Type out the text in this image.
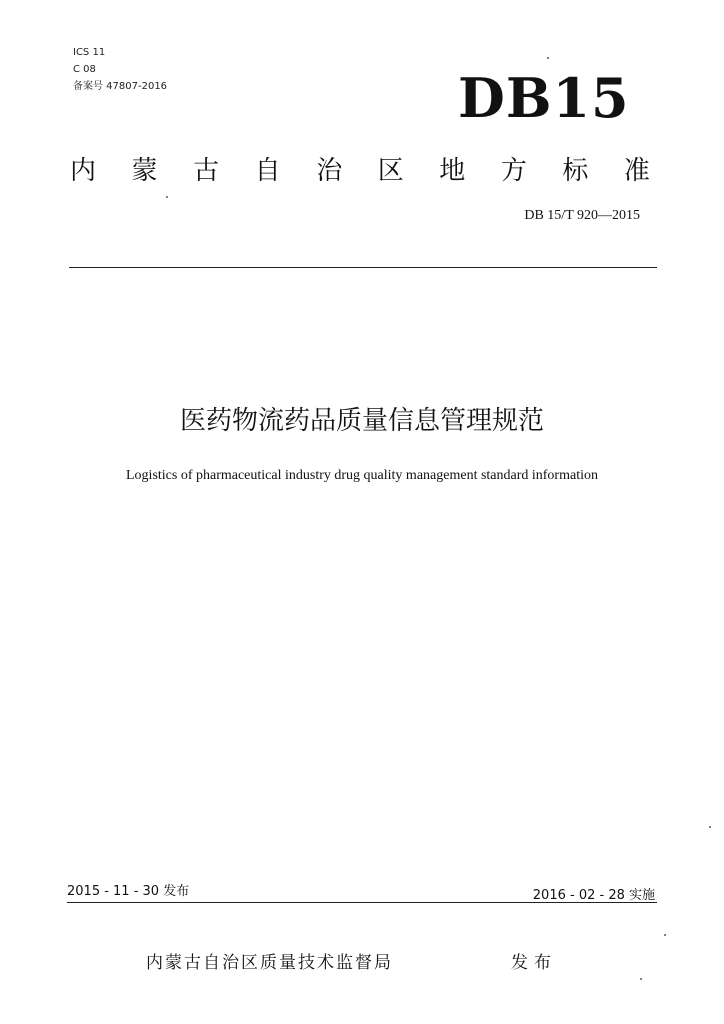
ICS 11
C 08
备案号 47807-2016	DB15
内 蒙 古 自 治 区 地 方 标 准
DB 15/T 920—2015
医药物流药品质量信息管理规范
Logistics of pharmaceutical industry drug quality management standard information
2015 - 11 - 30 发布	2016 - 02 - 28 实施
内蒙古自治区质量技术监督局	发布
